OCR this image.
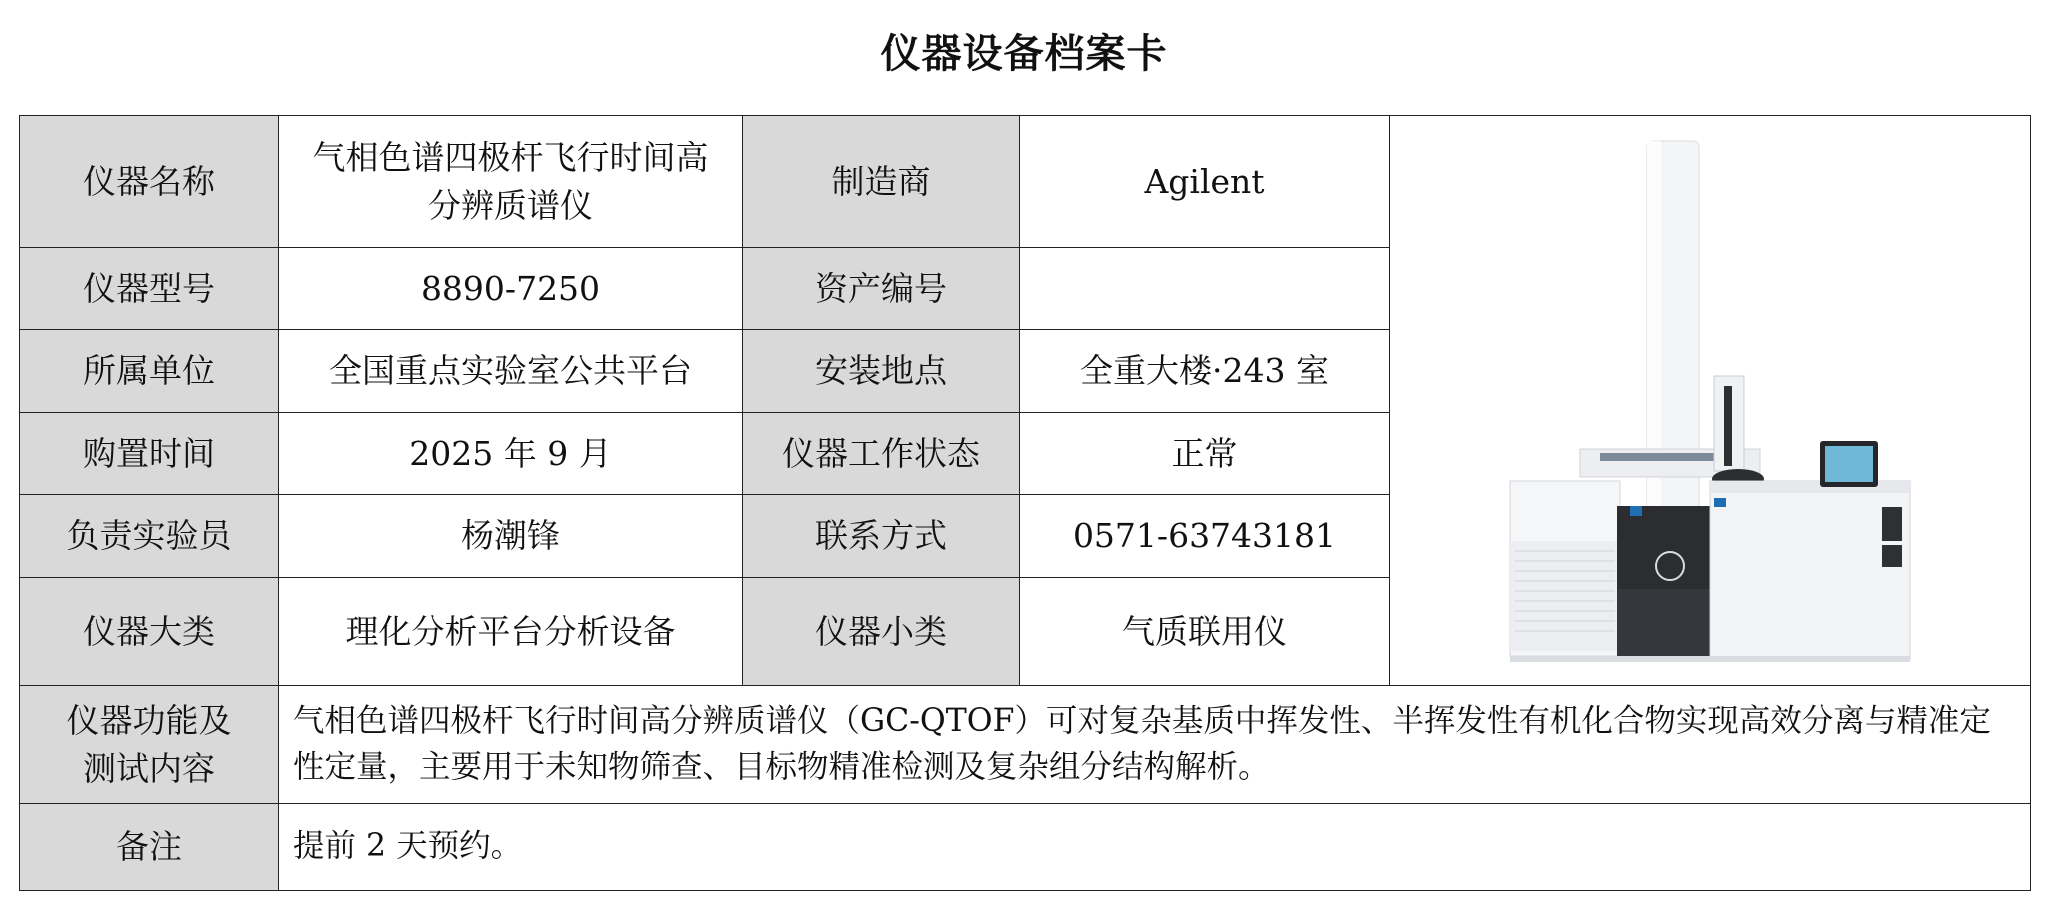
仪器设备档案卡
仪器名称	气相色谱四极杆飞行时间高分辨质谱仪	制造商	Agilent	

仪器型号	8890-7250	资产编号		
所属单位	全国重点实验室公共平台	安装地点	全重大楼·243 室	
购置时间	2025 年 9 月	仪器工作状态	正常	
负责实验员	杨潮锋	联系方式	0571-63743181	
仪器大类	理化分析平台分析设备	仪器小类	气质联用仪	
仪器功能及测试内容	气相色谱四极杆飞行时间高分辨质谱仪（GC-QTOF）可对复杂基质中挥发性、半挥发性有机化合物实现高效分离与精准定性定量，主要用于未知物筛查、目标物精准检测及复杂组分结构解析。			
备注	提前 2 天预约。			
